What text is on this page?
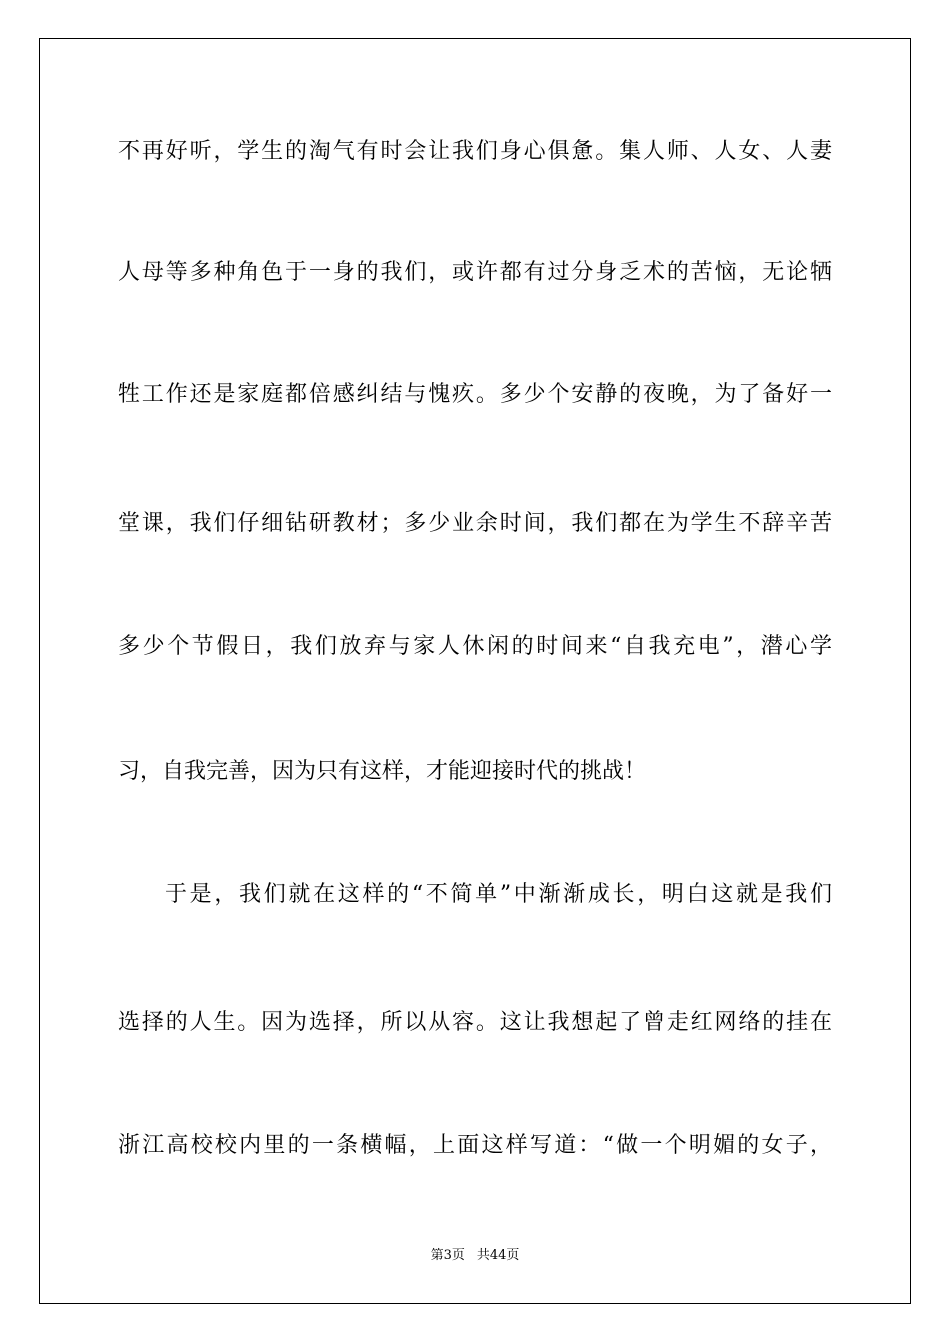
不再好听，学生的淘气有时会让我们身心俱惫。集人师、人女、人妻
人母等多种角色于一身的我们，或许都有过分身乏术的苦恼，无论牺
牲工作还是家庭都倍感纠结与愧疚。多少个安静的夜晚，为了备好一
堂课，我们仔细钻研教材；多少业余时间，我们都在为学生不辞辛苦
多少个节假日，我们放弃与家人休闲的时间来“自我充电”，潜心学
习，自我完善，因为只有这样，才能迎接时代的挑战！
于是，我们就在这样的“不简单”中渐渐成长，明白这就是我们
选择的人生。因为选择，所以从容。这让我想起了曾走红网络的挂在
浙江高校校内里的一条横幅，上面这样写道：“做一个明媚的女子，
第3页 共44页
